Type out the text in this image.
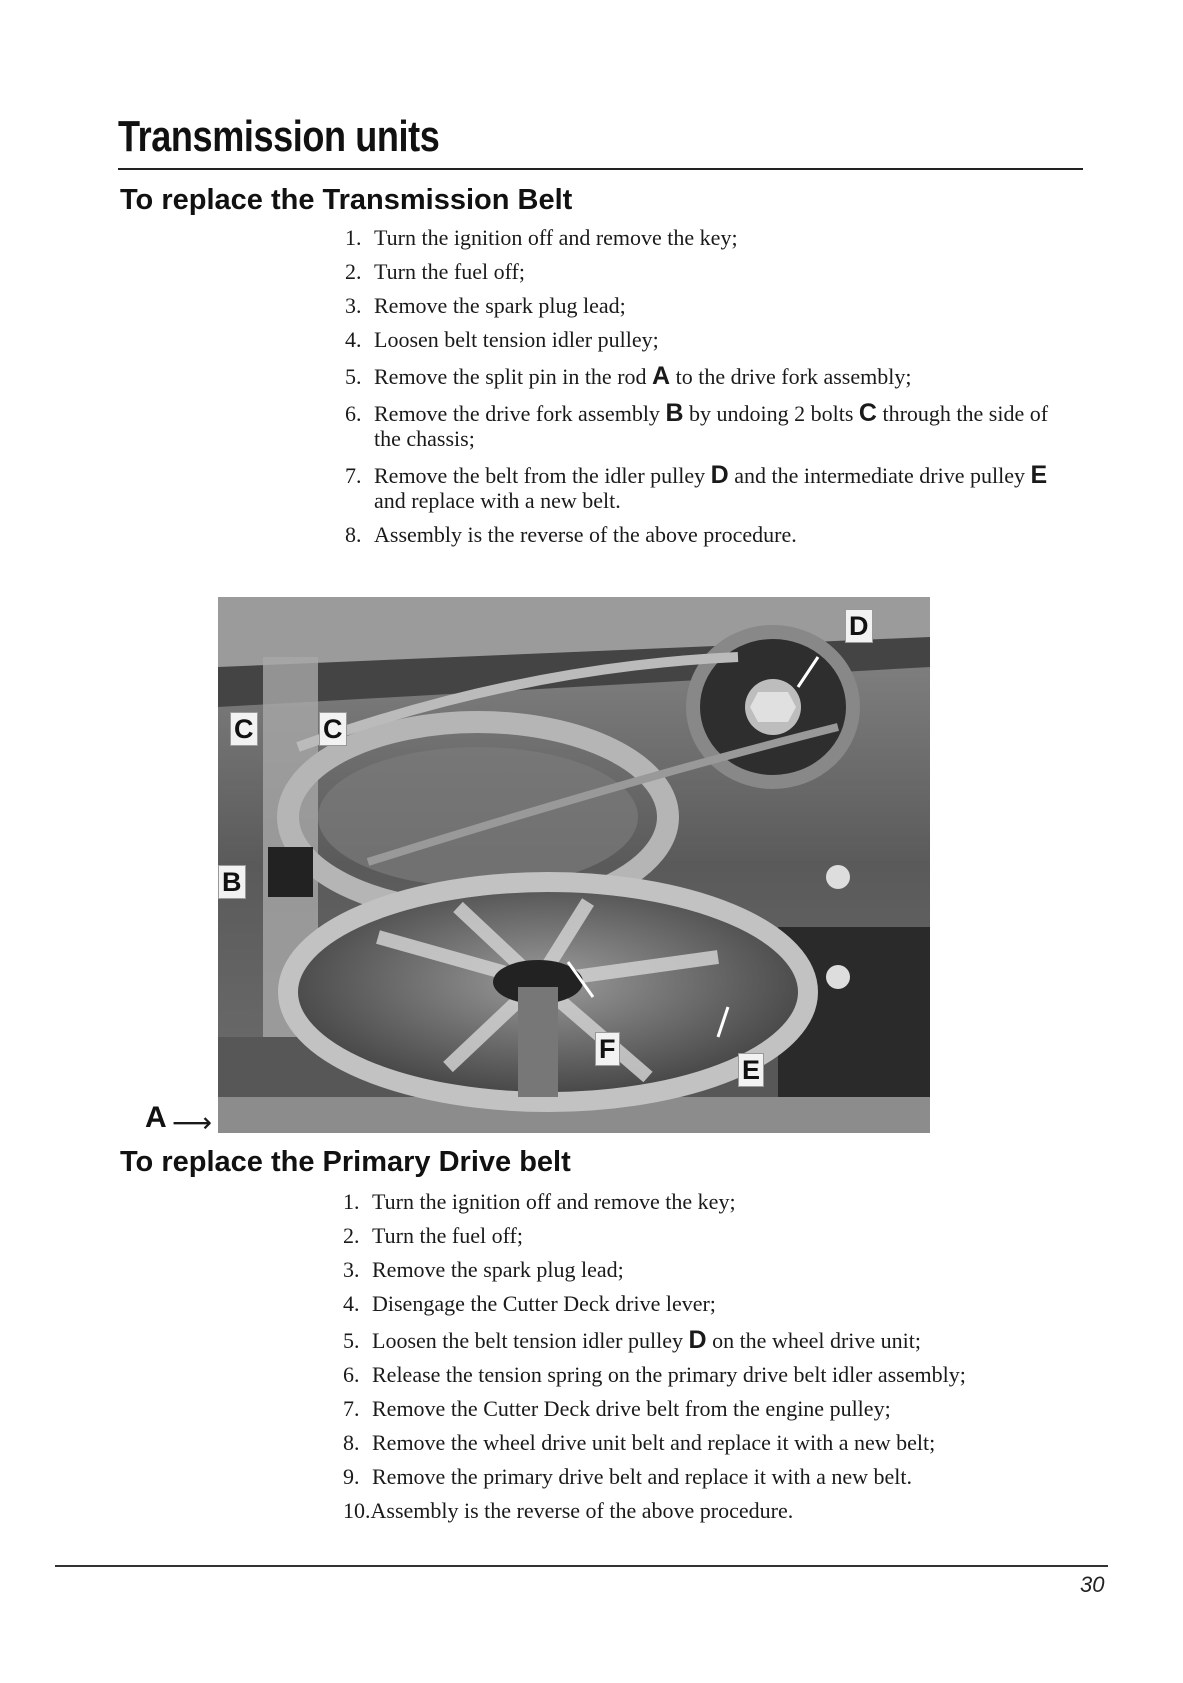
Transmission units
To replace the Transmission Belt
1. Turn the ignition off and remove the key;
2. Turn the fuel off;
3. Remove the spark plug lead;
4. Loosen belt tension idler pulley;
5. Remove the split pin in the rod A to the drive fork assembly;
6. Remove the drive fork assembly B by undoing 2 bolts C through the side of the chassis;
7. Remove the belt from the idler pulley D and the intermediate drive pulley E and replace with a new belt.
8. Assembly is the reverse of the above procedure.
C	C
D
B
F
E
A ⟶
To replace the Primary Drive belt
1. Turn the ignition off and remove the key;
2. Turn the fuel off;
3. Remove the spark plug lead;
4. Disengage the Cutter Deck drive lever;
5. Loosen the belt tension idler pulley D on the wheel drive unit;
6. Release the tension spring on the primary drive belt idler assembly;
7. Remove the Cutter Deck drive belt from the engine pulley;
8. Remove the wheel drive unit belt and replace it with a new belt;
9. Remove the primary drive belt and replace it with a new belt.
10.Assembly is the reverse of the above procedure.
30
